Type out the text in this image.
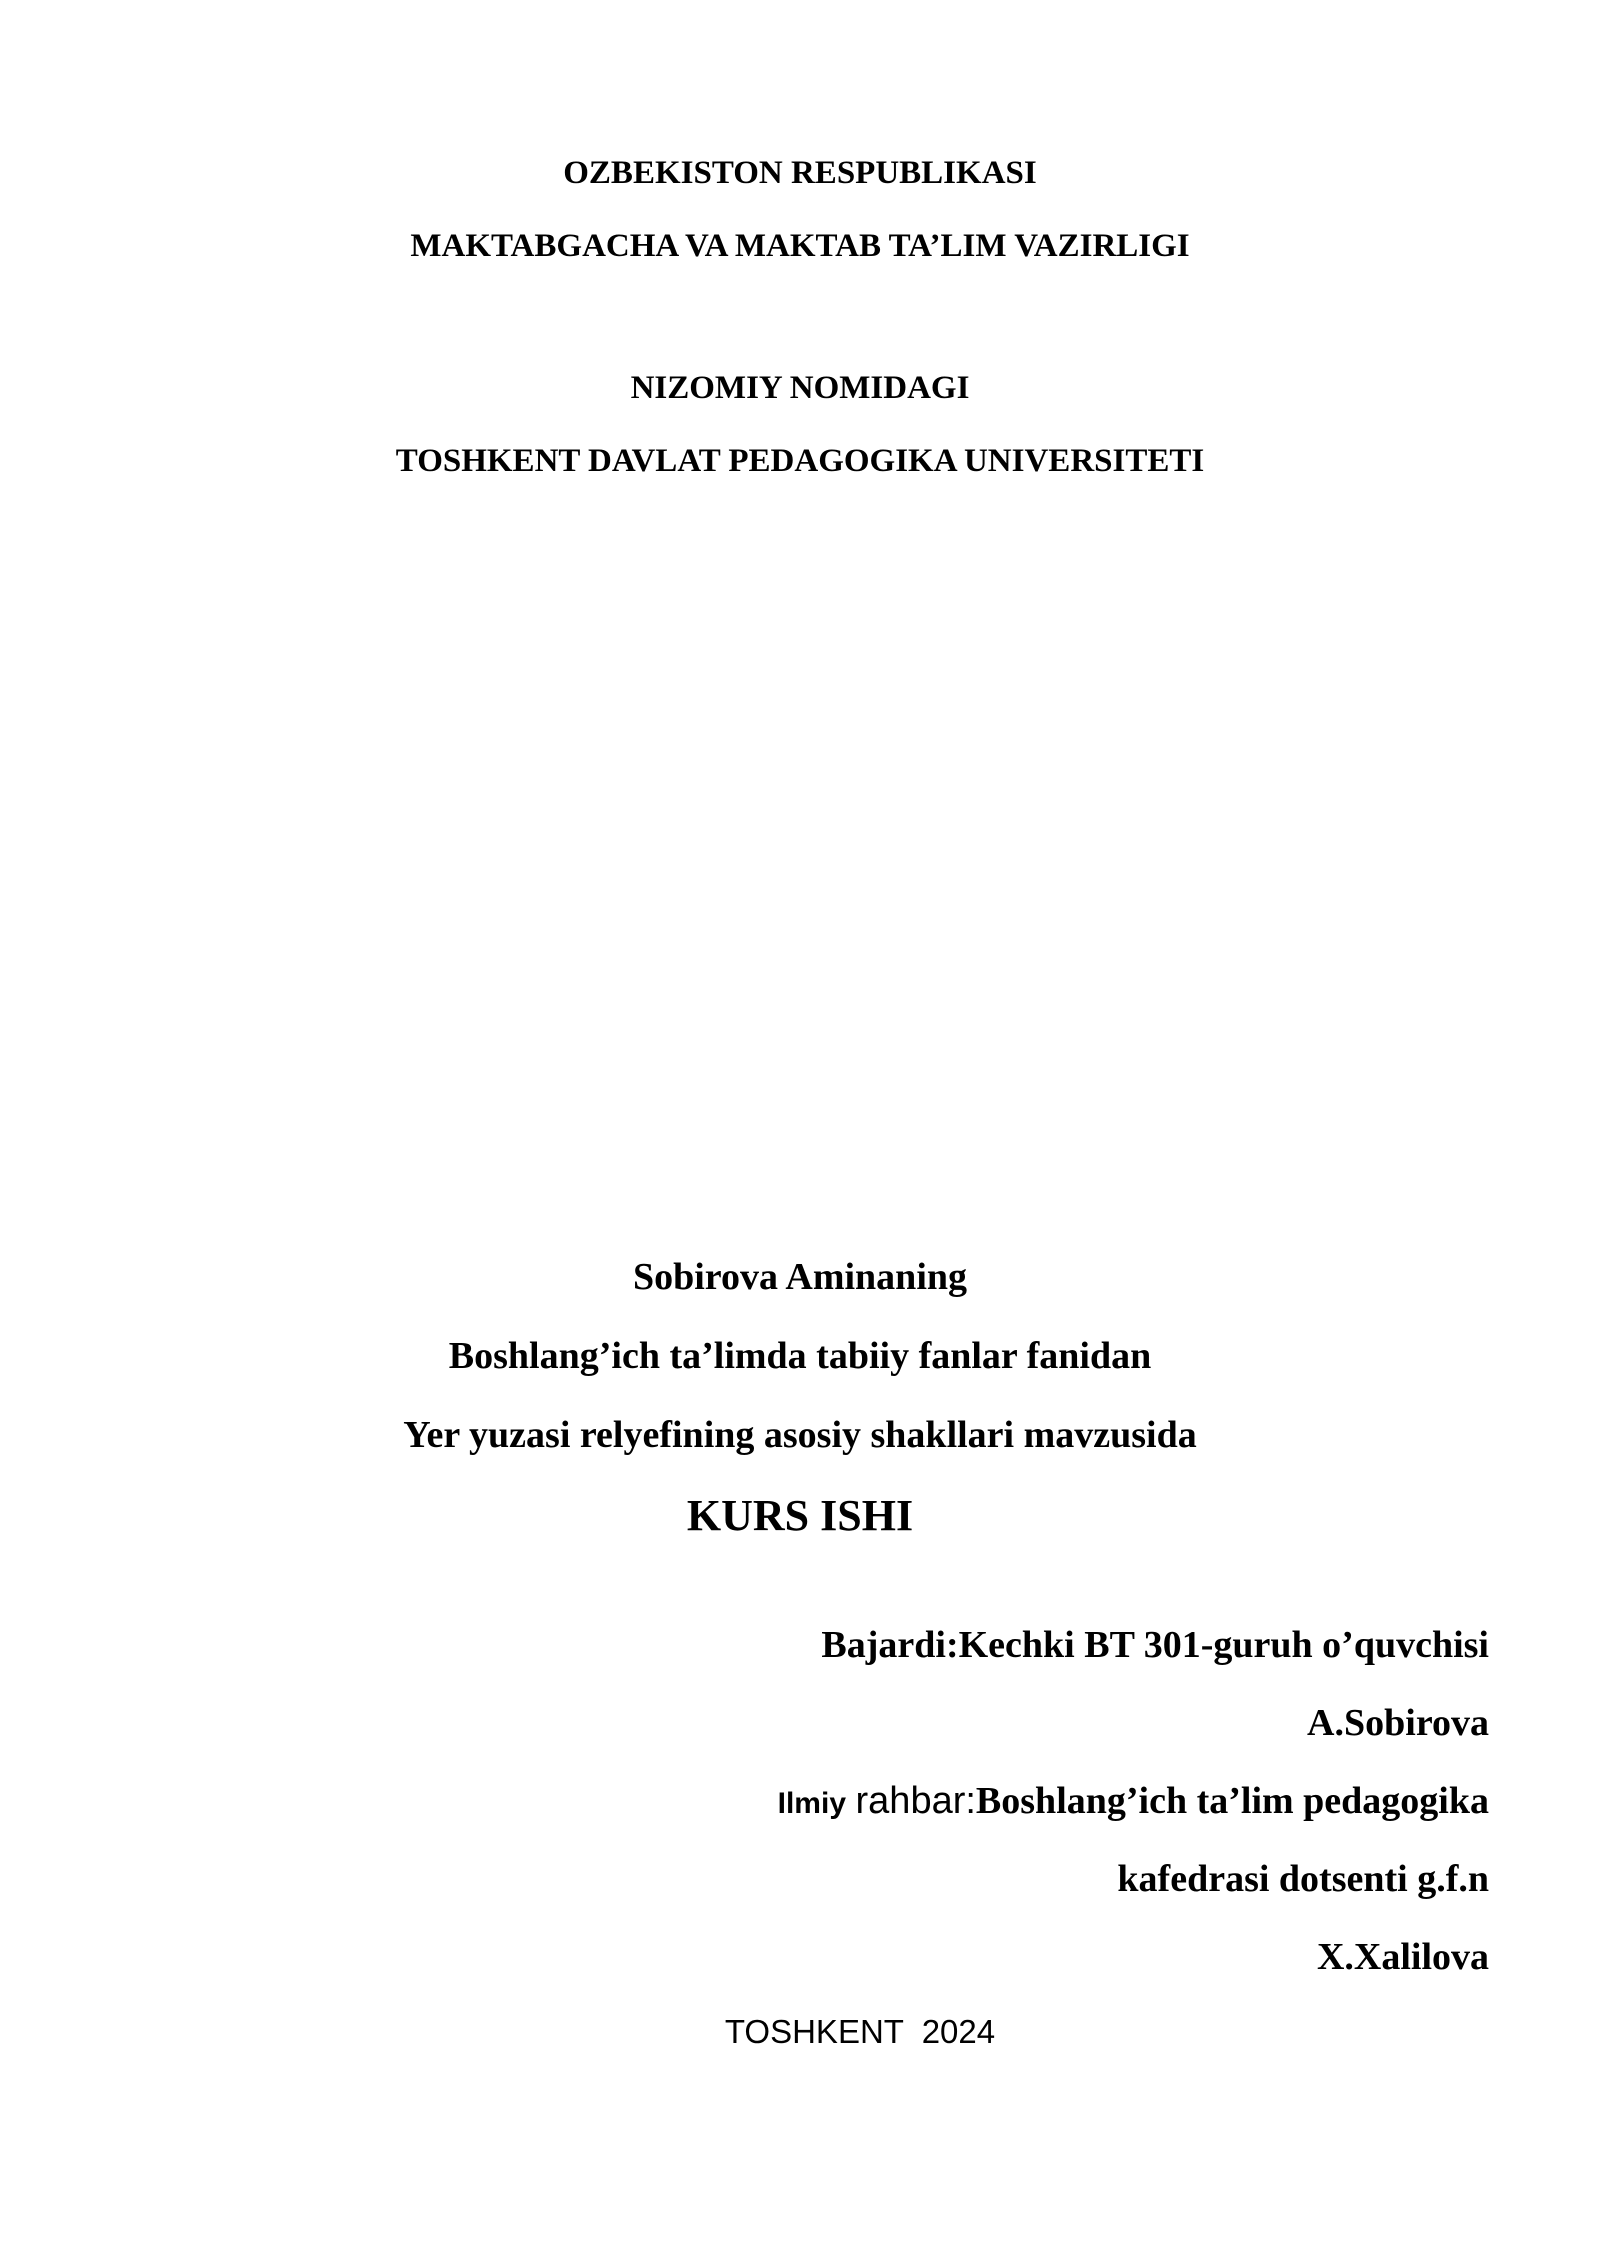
OZBEKISTON RESPUBLIKASI
MAKTABGACHA VA MAKTAB TA’LIM VAZIRLIGI
NIZOMIY NOMIDAGI
TOSHKENT DAVLAT PEDAGOGIKA UNIVERSITETI
Sobirova Aminaning
Boshlang’ich ta’limda tabiiy fanlar fanidan
Yer yuzasi relyefining asosiy shakllari mavzusida
KURS ISHI
Bajardi:Kechki BT 301-guruh o’quvchisi
A.Sobirova
Ilmiy rahbar:Boshlang’ich ta’lim pedagogika
kafedrasi dotsenti g.f.n
X.Xalilova
TOSHKENT 2024
